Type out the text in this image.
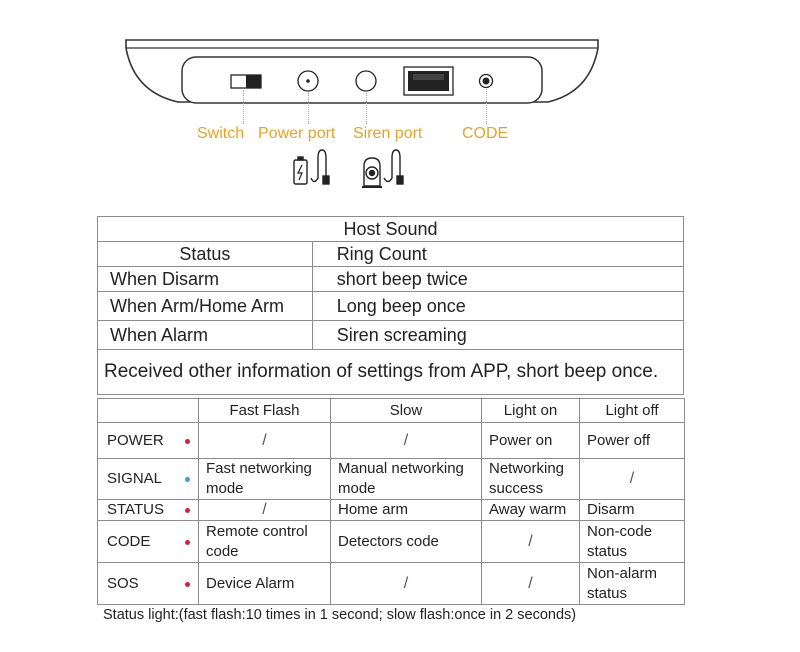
Switch Power port Siren port CODE
Host Sound	
Status	Ring Count
When Disarm	short beep twice
When Arm/Home Arm	Long beep once
When Alarm	Siren screaming
Received other information of settings from APP, short beep once.	
	Fast Flash	Slow	Light on	Light off
POWER	/	/	Power on	Power off
SIGNAL	Fast networking mode	Manual networking mode	Networking success	/
STATUS	/	Home arm	Away warm	Disarm
CODE	Remote control code	Detectors code	/	Non-code status
SOS	Device Alarm	/	/	Non-alarm status
Status light:(fast flash:10 times in 1 second; slow flash:once in 2 seconds)
